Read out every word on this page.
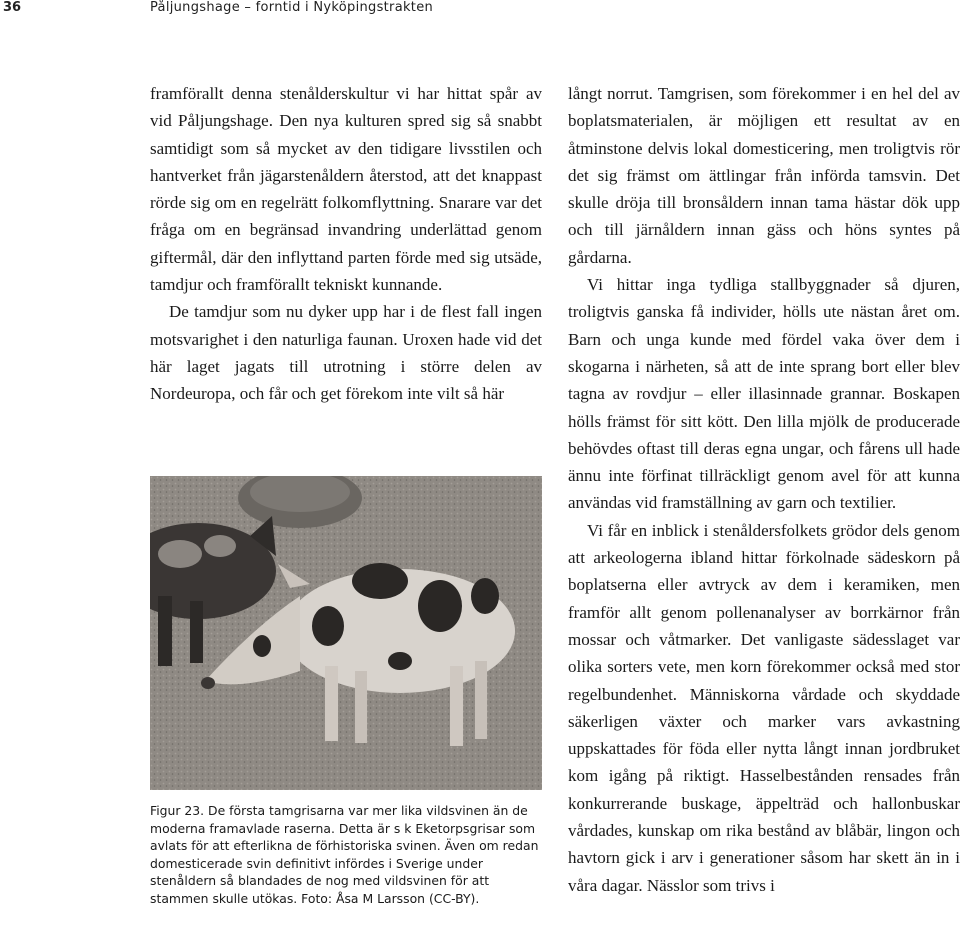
36	Påljungshage – forntid i Nyköpingstrakten

framförallt denna stenålderskultur vi har hittat spår av vid Påljungshage. Den nya kulturen spred sig så snabbt samtidigt som så mycket av den tidigare livsstilen och hantverket från jägarstenåldern återstod, att det knappast rörde sig om en regelrätt folkomflyttning. Snarare var det fråga om en begränsad invandring underlättad genom giftermål, där den inflyttand parten förde med sig utsäde, tamdjur och framförallt tekniskt kunnande.

De tamdjur som nu dyker upp har i de flest fall ingen motsvarighet i den naturliga faunan. Uroxen hade vid det här laget jagats till utrotning i större delen av Nordeuropa, och får och get förekom inte vilt så här

Figur 23. De första tamgrisarna var mer lika vildsvinen än de moderna framavlade raserna. Detta är s k Eketorpsgrisar som avlats för att efterlikna de förhistoriska svinen. Även om redan domesticerade svin definitivt infördes i Sverige under stenåldern så blandades de nog med vildsvinen för att stammen skulle utökas. Foto: Åsa M Larsson (CC-BY).

långt norrut. Tamgrisen, som förekommer i en hel del av boplatsmaterialen, är möjligen ett resultat av en åtminstone delvis lokal domesticering, men troligtvis rör det sig främst om ättlingar från införda tamsvin. Det skulle dröja till bronsåldern innan tama hästar dök upp och till järnåldern innan gäss och höns syntes på gårdarna.

Vi hittar inga tydliga stallbyggnader så djuren, troligtvis ganska få individer, hölls ute nästan året om. Barn och unga kunde med fördel vaka över dem i skogarna i närheten, så att de inte sprang bort eller blev tagna av rovdjur – eller illasinnade grannar. Boskapen hölls främst för sitt kött. Den lilla mjölk de producerade behövdes oftast till deras egna ungar, och fårens ull hade ännu inte förfinat tillräckligt genom avel för att kunna användas vid framställning av garn och textilier.

Vi får en inblick i stenåldersfolkets grödor dels genom att arkeologerna ibland hittar förkolnade sädeskorn på boplatserna eller avtryck av dem i keramiken, men framför allt genom pollenanalyser av borrkärnor från mossar och våtmarker. Det vanligaste sädesslaget var olika sorters vete, men korn förekommer också med stor regelbundenhet. Människorna vårdade och skyddade säkerligen växter och marker vars avkastning uppskattades för föda eller nytta långt innan jordbruket kom igång på riktigt. Hasselbestånden rensades från konkurrerande buskage, äppelträd och hallonbuskar vårdades, kunskap om rika bestånd av blåbär, lingon och havtorn gick i arv i generationer såsom har skett än in i våra dagar. Nässlor som trivs i
